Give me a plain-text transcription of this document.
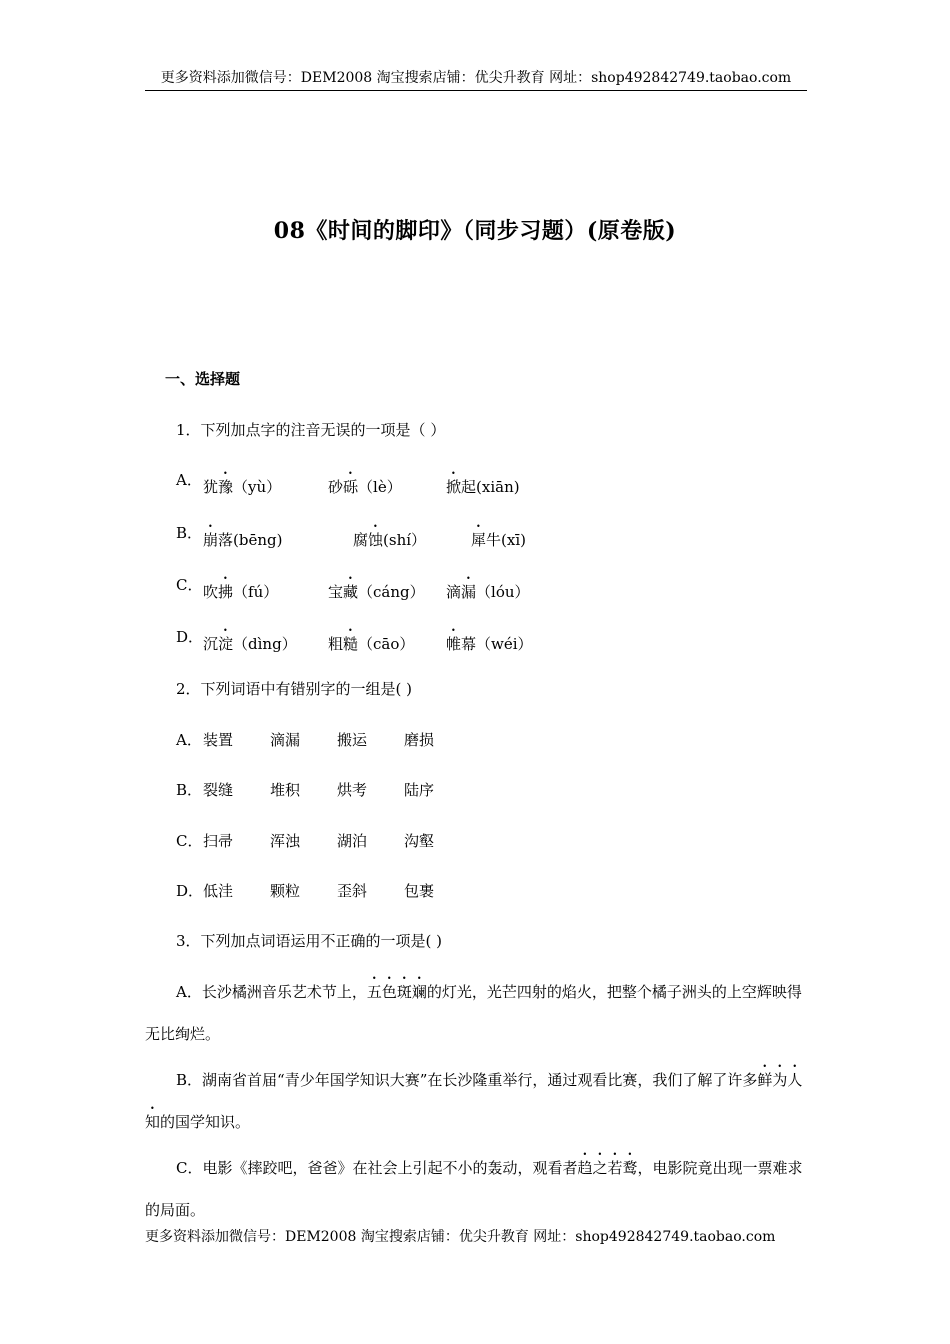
更多资料添加微信号：DEM2008 淘宝搜索店铺：优尖升教育 网址：shop492842749.taobao.com
08《时间的脚印》（同步习题）(原卷版)
一、选择题
1．下列加点字的注音无误的一项是（ ）
A． 犹豫（yù）	砂砾（lè）	掀起(xiān)
B． 崩落(bēng)	腐蚀(shí）	犀牛(xī)
C． 吹拂（fú）	宝藏（cáng） 滴漏（lóu）
D． 沉淀（dìng） 粗糙（cāo） 帷幕（wéi）
2．下列词语中有错别字的一组是( )
A． 装置 滴漏 搬运 磨损
B． 裂缝 堆积 烘考 陆序
C． 扫帚 浑浊 湖泊 沟壑
D． 低洼 颗粒 歪斜 包裹
3．下列加点词语运用不正确的一项是( )
A．长沙橘洲音乐艺术节上，五色斑斓的灯光，光芒四射的焰火，把整个橘子洲头的上空辉映得无比绚烂。
B．湖南省首届“青少年国学知识大赛”在长沙隆重举行，通过观看比赛，我们了解了许多鲜为人知的国学知识。
C．电影《摔跤吧，爸爸》在社会上引起不小的轰动，观看者趋之若鹜，电影院竟出现一票难求的局面。
更多资料添加微信号：DEM2008 淘宝搜索店铺：优尖升教育 网址：shop492842749.taobao.com
